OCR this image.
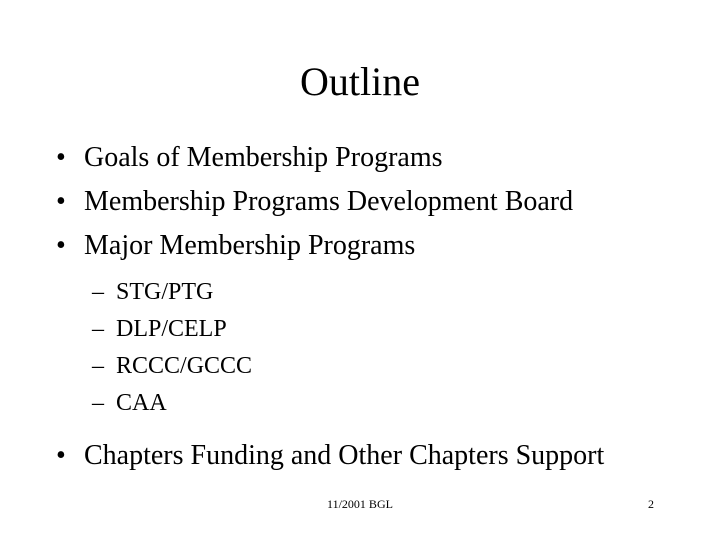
Outline
• Goals of Membership Programs
• Membership Programs Development Board
• Major Membership Programs
– STG/PTG
– DLP/CELP
– RCCC/GCCC
– CAA
• Chapters Funding and Other Chapters Support
11/2001 BGL	2
